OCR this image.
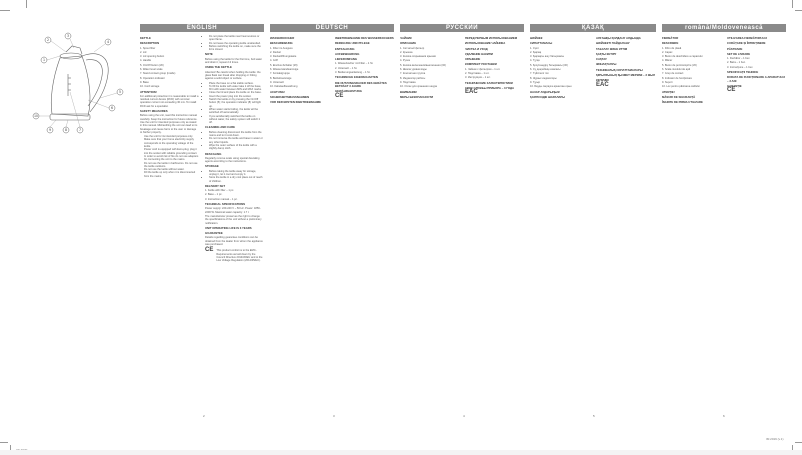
1
2
3
4
5
6
7
8
9
10
ENGLISH
KETTLE
DESCRIPTION

1. Spout filter

2. Lid

3. Lid opening button

4. Handle

5. On/Off button (I/0)

6. Water level scale

7. Stand contact group (inside)

8. Operation indicator

9. Base

10. Cord storage

ATTENTION!

For additional protection it is reasonable to install a residual current device (RCD) with nominal operation current not exceeding 30 mA. To install RCD ask for a specialist.

SAFETY MEASURES

Before using the unit, read this instruction manual carefully. Keep the instruction for future reference. Use the unit for intended purposes only as stated in this manual. Mishandling the unit can lead to its breakage and cause harm to the user or damage to his/her property.

• Use the unit for its intended purposes only.
• Make sure that your home electricity supply corresponds to the operating voltage of the kettle.
• Power cord is equipped with Euro-plug; plug it into the socket with reliable grounding contact.
• In order to avoid risk of fire do not use adapters for connecting the unit to the mains.
• Do not use the kettle in bathrooms. Do not use the kettle outdoors.
• Do not use the kettle without water.
• Fill the kettle up only when it is disconnected from the mains.
• Do not place the kettle near heat sources or open flame.
• Do not leave the operating kettle unattended.
• Before switching the kettle on, make sure the lid is closed.
NOTE

Before using the kettle for the first time, boil water and drain it; repeat 2-3 times.

USING THE KETTLE

Attention! Be careful when holding the kettle: the glass flask can break after dropping or hitting against a solid object or surface.

• Place the base on a flat stable surface.
• To fill the kettle with water take it off the base, fill it with water between MIN and MAX marks.
• Close the lid and place the kettle on the base.
• Insert the power plug into the socket.
• Switch the kettle on by pressing the On/Off button (5); the operation indicator (8) will light up.
• When water starts boiling, the kettle will be switched off automatically.
• If you accidentally switched the kettle on without water, the safety system will switch it off.
CLEANING AND CARE
• Before cleaning disconnect the kettle from the mains and let it cool down.
• Do not immerse the kettle and base in water or any other liquids.
• Wipe the outer surface of the kettle with a slightly damp cloth.
DESCALING

Regularly remove scale using special descaling agents according to the instructions.

STORAGE
• Before taking the kettle away for storage, unplug it, let it cool and empty it.
• Store the kettle in a dry cool place out of reach of children.
DELIVERY SET

1. Kettle with filter – 1 pc.

2. Base – 1 pc.

3. Instruction manual – 1 pc.

TECHNICAL SPECIFICATIONS

Power supply: 220-240 V ~ 50 Hz. Power: 1850-2200 W. Maximal water capacity: 1.7 l.

The manufacturer preserves the right to change the specifications of the unit without a preliminary notification.

UNIT OPERATING LIFE IS 3 YEARS
GUARANTEE

Details regarding guarantee conditions can be obtained from the dealer from whom the appliance was purchased.

CE This product conforms to the EMC-Requirements as laid down by the Council Directive 2014/30/EU and to the Low Voltage Regulation (2014/35/EU).

DEUTSCH
WASSERKOCHER
BESCHREIBUNG

1. Filter im Ausguss

2. Deckel

3. Deckelöffnungstaste

4. Griff

5. Ein/Aus-Schalter (I/0)

6. Wasserstandsanzeige

7. Kontaktgruppe

8. Betriebsanzeige

9. Untersatz

10. Kabelaufbewahrung

ACHTUNG!
SICHERHEITSMASSNAHMEN
VOR DER ERSTEN INBETRIEBNAHME
INBETRIEBNAHME DES WASSERKOCHERS
REINIGUNG UND PFLEGE
ENTKALKUNG
AUFBEWAHRUNG
LIEFERUMFANG

1. Wasserkocher mit Filter – 1 St.

2. Untersatz – 1 St.

3. Bedienungsanleitung – 1 St.

TECHNISCHE EIGENSCHAFTEN
DIE NUTZUNGSDAUER DES GERÄTES BETRÄGT 3 JAHRE
GEWÄHRLEISTUNG
CE
РУССКИЙ
ЧАЙНИК
ОПИСАНИЕ

1. Сетчатый фильтр

2. Крышка

3. Кнопка открывания крышки

4. Ручка

5. Кнопка включения/выключения (I/0)

6. Шкала уровня воды

7. Контактная группа

8. Индикатор работы

9. Подставка

10. Отсек для хранения шнура

ВНИМАНИЕ!
МЕРЫ БЕЗОПАСНОСТИ
ПЕРЕД ПЕРВЫМ ИСПОЛЬЗОВАНИЕМ
ИСПОЛЬЗОВАНИЕ ЧАЙНИКА
ЧИСТКА И УХОД
УДАЛЕНИЕ НАКИПИ
ХРАНЕНИЕ
КОМПЛЕКТ ПОСТАВКИ

1. Чайник с фильтром – 1 шт.

2. Подставка – 1 шт.

3. Инструкция – 1 шт.

ТЕХНИЧЕСКИЕ ХАРАКТЕРИСТИКИ
СРОК СЛУЖБЫ ПРИБОРА – 3 ГОДА
EAC
ҚАЗАҚ
ШӘЙНЕК
СИПАТТАМАСЫ

1. Сүзгі

2. Қақпақ

3. Қақпақты ашу батырмасы

4. Тұтқа

5. Қосу/сөндіру батырмасы (I/0)

6. Су деңгейінің шкаласы

7. Түйіспелі топ

8. Жұмыс индикаторы

9. Тұғыр

10. Бауды сақтауға арналған орын

НАЗАР АУДАРЫҢЫЗ!
ҚАУІПСІЗДІК ШАРАЛАРЫ
АЛҒАШҚЫ ҚОЛДАНУ АЛДЫНДА
ШӘЙНЕКТІ ПАЙДАЛАНУ
ТАЗАЛАУ ЖӘНЕ КҮТІМ
ҚАҚТЫ КЕТІРУ
САҚТАУ
ЖИНАҚТАЛУЫ
ТЕХНИКАЛЫҚ СИПАТТАМАЛАРЫ
ҚҰРЫЛҒЫНЫҢ ҚЫЗМЕТ МЕРЗІМІ – 3 ЖЫЛ
КЕПІЛДІК
EAC
română/Moldovenească
FIERBĂTOR
DESCRIERE

1. Filtru de plasă

2. Capac

3. Buton de deschidere a capacului

4. Mâner

5. Buton de pornire/oprire (I/0)

6. Scala nivelului de apă

7. Grup de contact

8. Indicator de funcţionare

9. Suport

10. Loc pentru păstrarea cablului

ATENŢIE!
MĂSURI DE SIGURANŢĂ
ÎNAINTE DE PRIMA UTILIZARE
UTILIZAREA FIERBĂTORULUI
CURĂŢARE ŞI ÎNTREŢINERE
PĂSTRARE
SET DE LIVRARE

1. Fierbător – 1 buc.

2. Baza – 1 buc.

3. Instrucţiune – 1 buc.

SPECIFICAŢII TEHNICE
DURATA DE FUNCŢIONARE A APARATULUI – 3 ANI
GARANŢIE
CE
2	3	4	5	6
IM 2019 (v.1)
